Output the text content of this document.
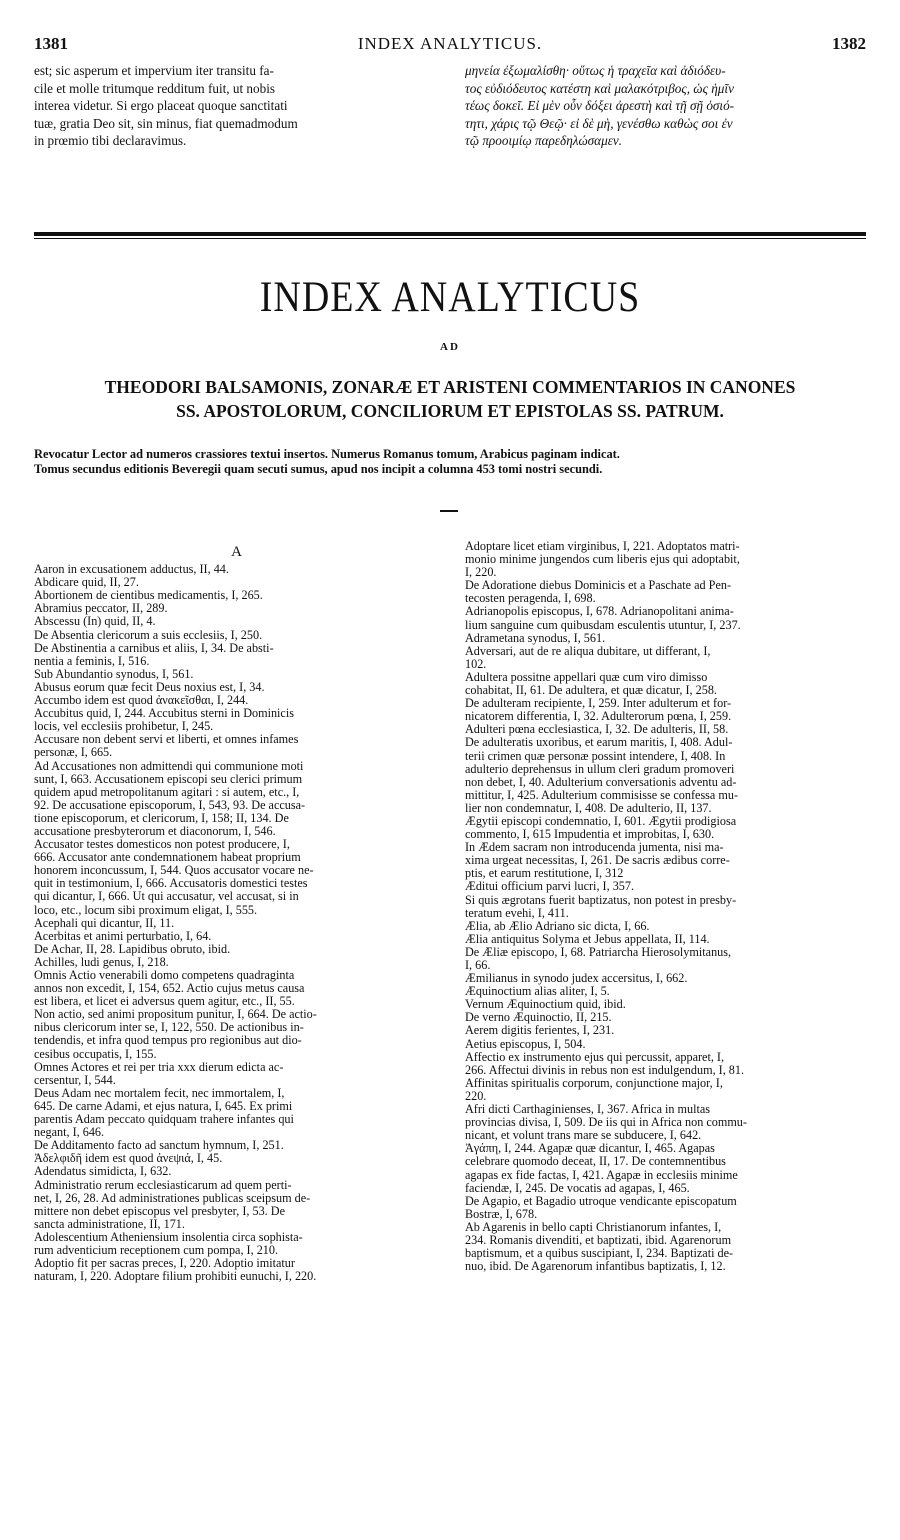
INDEX ANALYTICUS.
1381	1382
est; sic asperum et impervium iter transitu fa-
cile et molle tritumque redditum fuit, ut nobis
interea videtur. Si ergo placeat quoque sanctitati
tuæ, gratia Deo sit, sin minus, fiat quemadmodum
in prœmio tibi declaravimus.
μηνεία ἐξωμαλίσθη· οὕτως ἡ τραχεῖα καὶ ἀδιόδευ-
τος εὐδιόδευτος κατέστη καὶ μαλακότριβος, ὡς ἡμῖν
τέως δοκεῖ. Εἰ μὲν οὖν δόξει ἀρεστὴ καὶ τῇ σῇ ὁσιό-
τητι, χάρις τῷ Θεῷ· εἰ δὲ μὴ, γενέσθω καθὼς σοι ἐν
τῷ προοιμίῳ παρεδηλώσαμεν.
INDEX ANALYTICUS
AD
THEODORI BALSAMONIS, ZONARÆ ET ARISTENI COMMENTARIOS IN CANONES
SS. APOSTOLORUM, CONCILIORUM ET EPISTOLAS SS. PATRUM.
Revocatur Lector ad numeros crassiores textui insertos. Numerus Romanus tomum, Arabicus paginam indicat.
Tomus secundus editionis Beveregii quam secuti sumus, apud nos incipit a columna 453 tomi nostri secundi.
A
Aaron in excusationem adductus, II, 44.
Abdicare quid, II, 27.
Abortionem de cientibus medicamentis, I, 265.
Abramius peccator, II, 289.
Abscessu (In) quid, II, 4.
De Absentia clericorum a suis ecclesiis, I, 250.
De Abstinentia a carnibus et aliis, I, 34. De absti-
nentia a feminis, I, 516.
Sub Abundantio synodus, I, 561.
Abusus eorum quæ fecit Deus noxius est, I, 34.
Accumbo idem est quod ἀνακεῖσθαι, I, 244.
Accubitus quid, I, 244. Accubitus sterni in Dominicis
locis, vel ecclesiis prohibetur, I, 245.
Accusare non debent servi et liberti, et omnes infames
personæ, I, 665.
Ad Accusationes non admittendi qui communione moti
sunt, I, 663. Accusationem episcopi seu clerici primum
quidem apud metropolitanum agitari : si autem, etc., I,
92. De accusatione episcoporum, I, 543, 93. De accusa-
tione episcoporum, et clericorum, I, 158; II, 134. De
accusatione presbyterorum et diaconorum, I, 546.
Accusator testes domesticos non potest producere, I,
666. Accusator ante condemnationem habeat proprium
honorem inconcussum, I, 544. Quos accusator vocare ne-
quit in testimonium, I, 666. Accusatoris domestici testes
qui dicantur, I, 666. Ut qui accusatur, vel accusat, si in
loco, etc., locum sibi proximum eligat, I, 555.
Acephali qui dicantur, II, 11.
Acerbitas et animi perturbatio, I, 64.
De Achar, II, 28. Lapidibus obruto, ibid.
Achilles, ludi genus, I, 218.
Omnis Actio venerabili domo competens quadraginta
annos non excedit, I, 154, 652. Actio cujus metus causa
est libera, et licet ei adversus quem agitur, etc., II, 55.
Non actio, sed animi propositum punitur, I, 664. De actio-
nibus clericorum inter se, I, 122, 550. De actionibus in-
tendendis, et infra quod tempus pro regionibus aut dio-
cesibus occupatis, I, 155.
Omnes Actores et rei per tria xxx dierum edicta ac-
cersentur, I, 544.
Deus Adam nec mortalem fecit, nec immortalem, I,
645. De carne Adami, et ejus natura, I, 645. Ex primi
parentis Adam peccato quidquam trahere infantes qui
negant, I, 646.
De Additamento facto ad sanctum hymnum, I, 251.
Ἀδελφιδῆ idem est quod ἀνεψιά, I, 45.
Adendatus simidicta, I, 632.
Administratio rerum ecclesiasticarum ad quem perti-
net, I, 26, 28. Ad administrationes publicas sceipsum de-
mittere non debet episcopus vel presbyter, I, 53. De
sancta administratione, II, 171.
Adolescentium Atheniensium insolentia circa sophista-
rum adventicium receptionem cum pompa, I, 210.
Adoptio fit per sacras preces, I, 220. Adoptio imitatur
naturam, I, 220. Adoptare filium prohibiti eunuchi, I, 220.
Adoptare licet etiam virginibus, I, 221. Adoptatos matri-
monio minime jungendos cum liberis ejus qui adoptabit,
I, 220.
De Adoratione diebus Dominicis et a Paschate ad Pen-
tecosten peragenda, I, 698.
Adrianopolis episcopus, I, 678. Adrianopolitani anima-
lium sanguine cum quibusdam esculentis utuntur, I, 237.
Adrametana synodus, I, 561.
Adversari, aut de re aliqua dubitare, ut differant, I,
102.
Adultera possitne appellari quæ cum viro dimisso
cohabitat, II, 61. De adultera, et quæ dicatur, I, 258.
De adulteram recipiente, I, 259. Inter adulterum et for-
nicatorem differentia, I, 32. Adulterorum pœna, I, 259.
Adulteri pœna ecclesiastica, I, 32. De adulteris, II, 58.
De adulteratis uxoribus, et earum maritis, I, 408. Adul-
terii crimen quæ personæ possint intendere, I, 408. In
adulterio deprehensus in ullum cleri gradum promoveri
non debet, I, 40. Adulterium conversationis adventu ad-
mittitur, I, 425. Adulterium commisisse se confessa mu-
lier non condemnatur, I, 408. De adulterio, II, 137.
Ægytii episcopi condemnatio, I, 601. Ægytii prodigiosa
commento, I, 615 Impudentia et improbitas, I, 630.
In Ædem sacram non introducenda jumenta, nisi ma-
xima urgeat necessitas, I, 261. De sacris ædibus corre-
ptis, et earum restitutione, I, 312
Æditui officium parvi lucri, I, 357.
Si quis ægrotans fuerit baptizatus, non potest in presby-
teratum evehi, I, 411.
Ælia, ab Ælio Adriano sic dicta, I, 66.
Ælia antiquitus Solyma et Jebus appellata, II, 114.
De Æliæ episcopo, I, 68. Patriarcha Hierosolymitanus,
I, 66.
Æmilianus in synodo judex accersitus, I, 662.
Æquinoctium alias aliter, I, 5.
Vernum Æquinoctium quid, ibid.
De verno Æquinoctio, II, 215.
Aerem digitis ferientes, I, 231.
Aetius episcopus, I, 504.
Affectio ex instrumento ejus qui percussit, apparet, I,
266. Affectui divinis in rebus non est indulgendum, I, 81.
Affinitas spiritualis corporum, conjunctione major, I,
220.
Afri dicti Carthaginienses, I, 367. Africa in multas
provincias divisa, I, 509. De iis qui in Africa non commu-
nicant, et volunt trans mare se subducere, I, 642.
Ἀγάπη, I, 244. Agapæ quæ dicantur, I, 465. Agapas
celebrare quomodo deceat, II, 17. De contemnentibus
agapas ex fide factas, I, 421. Agapæ in ecclesiis minime
faciendæ, I, 245. De vocatis ad agapas, I, 465.
De Agapio, et Bagadio utroque vendicante episcopatum
Bostræ, I, 678.
Ab Agarenis in bello capti Christianorum infantes, I,
234. Romanis divenditi, et baptizati, ibid. Agarenorum
baptismum, et a quibus suscipiant, I, 234. Baptizati de-
nuo, ibid. De Agarenorum infantibus baptizatis, I, 12.
